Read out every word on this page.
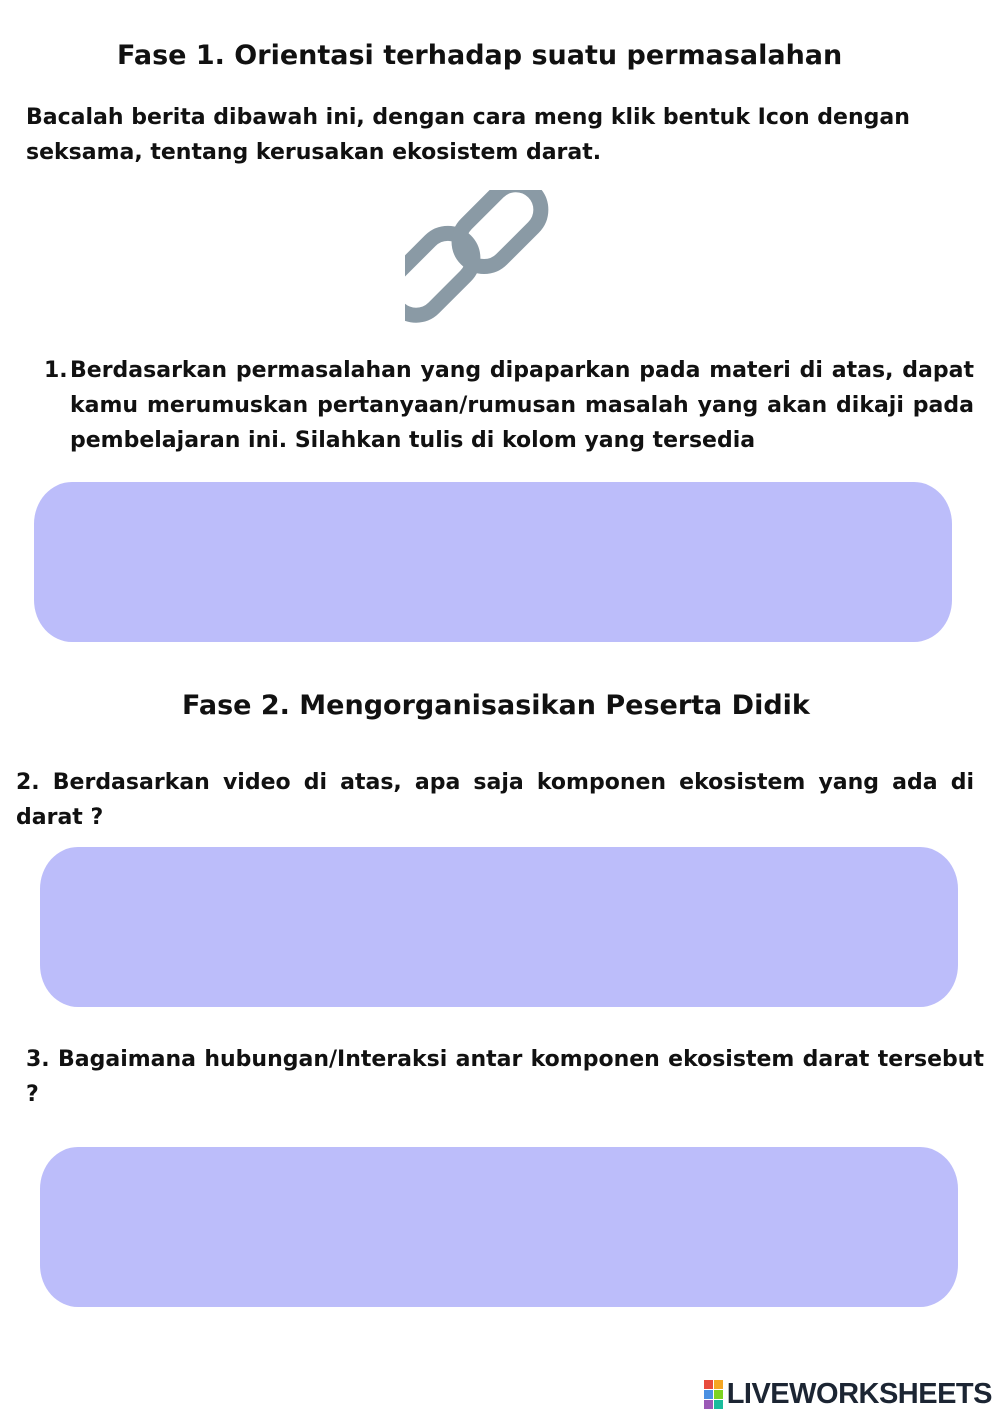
Fase 1. Orientasi terhadap suatu permasalahan
Bacalah berita dibawah ini, dengan cara meng klik bentuk Icon dengan seksama, tentang kerusakan ekosistem darat.
1. Berdasarkan permasalahan yang dipaparkan pada materi di atas, dapat kamu merumuskan pertanyaan/rumusan masalah yang akan dikaji pada pembelajaran ini. Silahkan tulis di kolom yang tersedia
Fase 2. Mengorganisasikan Peserta Didik
2. Berdasarkan video di atas, apa saja komponen ekosistem yang ada di darat ?
3. Bagaimana hubungan/Interaksi antar komponen ekosistem darat tersebut ?
LIVEWORKSHEETS
